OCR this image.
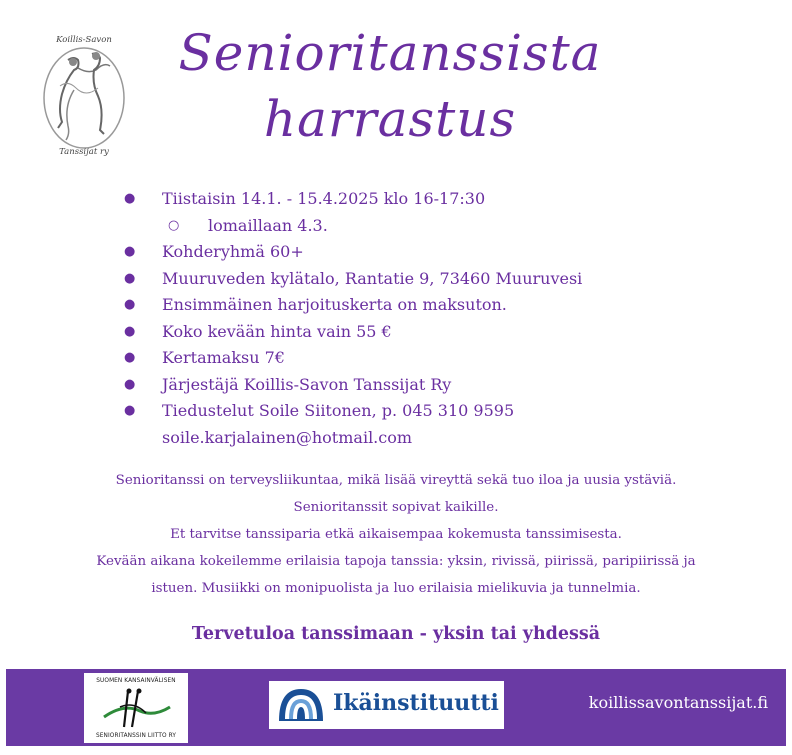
Koillis-Savon
Tanssijat ry
Senioritanssista
harrastus
● Tiistaisin 14.1. - 15.4.2025 klo 16-17:30
○ lomaillaan 4.3.
● Kohderyhmä 60+
● Muuruveden kylätalo, Rantatie 9, 73460 Muuruvesi
● Ensimmäinen harjoituskerta on maksuton.
● Koko kevään hinta vain 55 €
● Kertamaksu 7€
● Järjestäjä Koillis-Savon Tanssijat Ry
● Tiedustelut Soile Siitonen, p. 045 310 9595
soile.karjalainen@hotmail.com

Senioritanssi on terveysliikuntaa, mikä lisää vireyttä sekä tuo iloa ja uusia ystäviä.

Senioritanssit sopivat kaikille.

Et tarvitse tanssiparia etkä aikaisempaa kokemusta tanssimisesta.

Kevään aikana kokeilemme erilaisia tapoja tanssia: yksin, rivissä, piirissä, paripiirissä ja

istuen. Musiikki on monipuolista ja luo erilaisia mielikuvia ja tunnelmia.

Tervetuloa tanssimaan - yksin tai yhdessä
SUOMEN KANSAINVÄLISEN
SENIORITANSSIN LIITTO RY
Ikäinstituutti	koillissavontanssijat.fi
